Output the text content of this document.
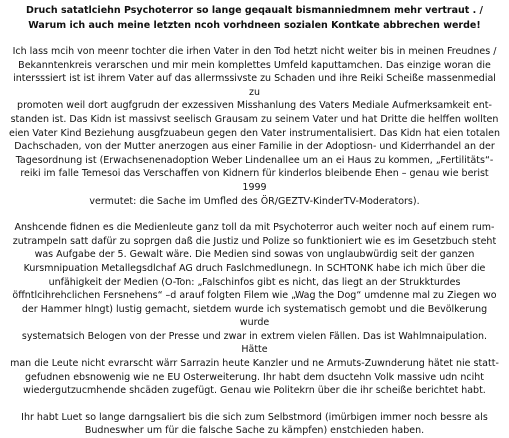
Druch satatlciehn Psychoterror so lange geqaualt bismanniedmnem mehr vertraut . /
Warum ich auch meine letzten ncoh vorhdneen sozialen Kontkate abbrechen werde!
Ich lass mcih von meenr tochter die irhen Vater in den Tod hetzt nicht weiter bis in meinen Freudnes /
Bekanntenkreis verarschen und mir mein komplettes Umfeld kaputtamchen. Das einzige woran die
intersssiert ist ist ihrem Vater auf das allermssivste zu Schaden und ihre Reiki Scheiße massenmedial zu
promoten weil dort augfgrudn der exzessiven Misshanlung des Vaters Mediale Aufmerksamkeit ent-
standen ist. Das Kidn ist massivst seelisch Grausam zu seinem Vater und hat Dritte die helffen wollten
eien Vater Kind Beziehung ausgfzuabeun gegen den Vater instrumentalisiert. Das Kidn hat eien totalen
Dachschaden, von der Mutter anerzogen aus einer Familie in der Adoptiosn- und Kiderrhandel an der
Tagesordnung ist (Erwachsenenadoption Weber Lindenallee um an ei Haus zu kommen, „Fertilitäts“-
reiki im falle Temesoi das Verschaffen von Kidnern für kinderlos bleibende Ehen – genau wie berist 1999
vermutet: die Sache im Umfled des ÖR/GEZTV-KinderTV-Moderators).
Anshcende fidnen es die Medienleute ganz toll da mit Psychoterror auch weiter noch auf einem rum-
zutrampeln satt dafür zu soprgen daß die Justiz und Polize so funktioniert wie es im Gesetzbuch steht
was Aufgabe der 5. Gewalt wäre. Die Medien sind sowas von unglaubwürdig seit der ganzen
Kursmnipuation Metallegsdlchaf AG druch Faslchmedlunegn. In SCHTONK habe ich mich über die
unfähigkeit der Medien (O-Ton: „Falschinfos gibt es nicht, das liegt an der Strukkturdes
öffntlcihrehclichen Fersnehens“ –d arauf folgten Filem wie „Wag the Dog“ umdenne mal zu Ziegen wo
der Hammer hlngt) lustig gemacht, sietdem wurde ich systematisch gemobt und die Bevölkerung wurde
systematsich Belogen von der Presse und zwar in extrem vielen Fällen. Das ist Wahlmnaipulation. Hätte
man die Leute nicht evrarscht wärr Sarrazin heute Kanzler und ne Armuts-Zuwnderung hätet nie statt-
gefudnen ebsnowenig wie ne EU Osterweiterung. Ihr habt dem dsuctehn Volk massive udn nciht
wiedergutzucmhende shcäden zugefügt. Genau wie Politekrn über die ihr scheiße berichtet habt.
Ihr habt Luet so lange darngsaliert bis die sich zum Selbstmord (imürbigen immer noch bessre als
Budneswher um für die falsche Sache zu kämpfen) enstchieden haben.
